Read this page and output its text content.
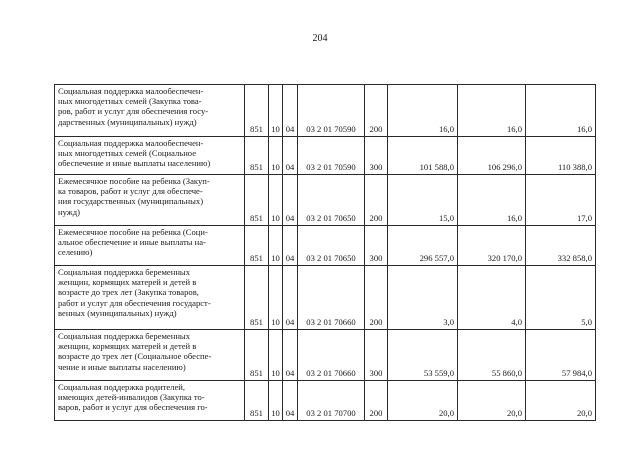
204
Социальная поддержка малообеспечен-
ных многодетных семей (Закупка това-
ров, работ и услуг для обеспечения госу-
дарственных (муниципальных) нужд)	851	10	04	03 2 01 70590	200	16,0	16,0	16,0

Социальная поддержка малообеспечен-
ных многодетных семей (Социальное
обеспечение и иные выплаты населению)	851	10	04	03 2 01 70590	300	101 588,0	106 296,0	110 388,0

Ежемесячное пособие на ребенка (Закуп-
ка товаров, работ и услуг для обеспече-
ния государственных (муниципальных)
нужд)	851	10	04	03 2 01 70650	200	15,0	16,0	17,0

Ежемесячное пособие на ребенка (Соци-
альное обеспечение и иные выплаты на-
селению)	851	10	04	03 2 01 70650	300	296 557,0	320 170,0	332 858,0

Социальная поддержка беременных
женщин, кормящих матерей и детей в
возрасте до трех лет (Закупка товаров,
работ и услуг для обеспечения государст-
венных (муниципальных) нужд)	851	10	04	03 2 01 70660	200	3,0	4,0	5,0

Социальная поддержка беременных
женщин, кормящих матерей и детей в
возрасте до трех лет (Социальное обеспе-
чение и иные выплаты населению)	851	10	04	03 2 01 70660	300	53 559,0	55 860,0	57 984,0

Социальная поддержка родителей,
имеющих детей-инвалидов (Закупка то-
варов, работ и услуг для обеспечения го-	851	10	04	03 2 01 70700	200	20,0	20,0	20,0
